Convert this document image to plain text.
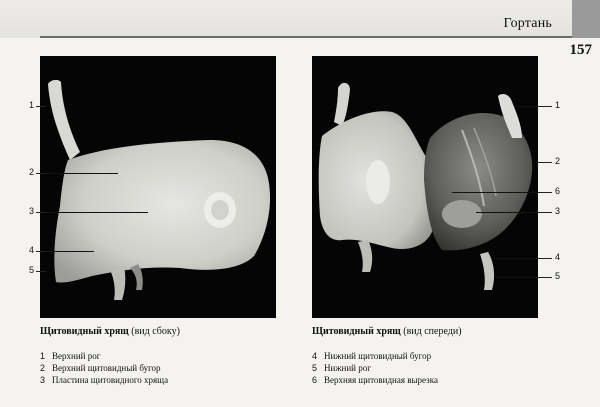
Гортань
157
1
2
3
4
5
1
2
6
3
4
5
Щитовидный хрящ (вид сбоку)	Щитовидный хрящ (вид спереди)
1 Верхний рог
2 Верхний щитовидный бугор
3 Пластина щитовидного хряща
4 Нижний щитовидный бугор
5 Нижний рог
6 Верхняя щитовидная вырезка
